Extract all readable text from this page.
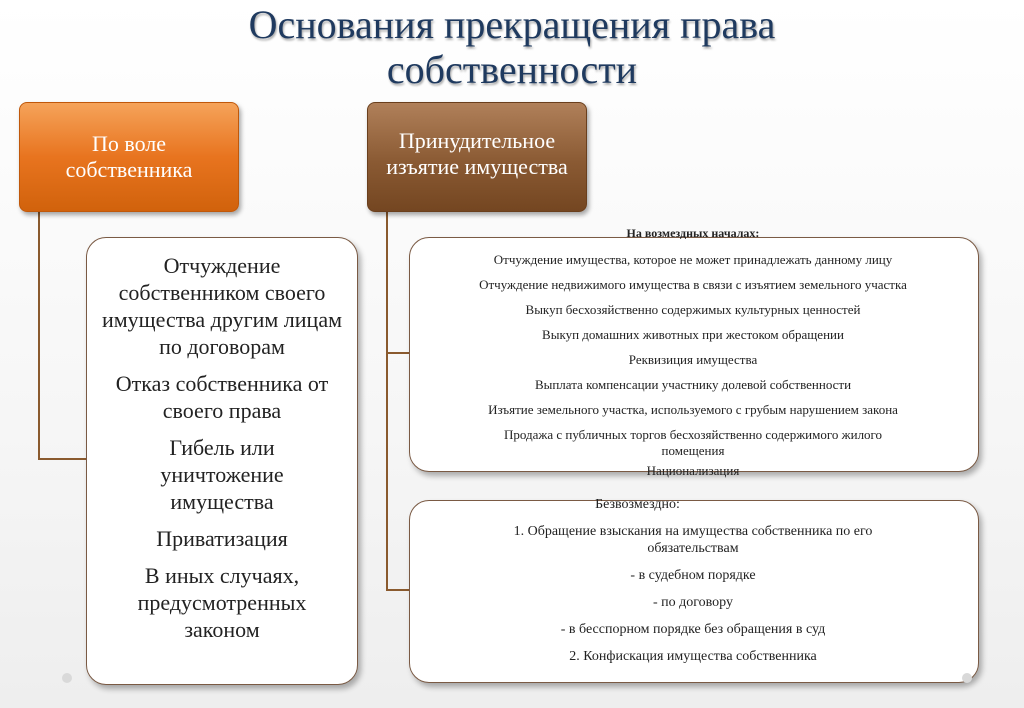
Основания прекращения права
собственности
По воле собственника
Принудительное изъятие имущества
Отчуждение собственником своего имущества другим лицам по договорам
Отказ собственника от своего права
Гибель или уничтожение имущества
Приватизация
В иных случаях, предусмотренных законом
На возмездных началах:
Отчуждение имущества, которое не может принадлежать данному лицу
Отчуждение недвижимого имущества в связи с изъятием земельного участка
Выкуп бесхозяйственно содержимых культурных ценностей
Выкуп домашних животных при жестоком обращении
Реквизиция имущества
Выплата компенсации участнику долевой собственности
Изъятие земельного участка, используемого с грубым нарушением закона
Продажа с публичных торгов бесхозяйственно содержимого жилого помещения
Национализация
Безвозмездно:
1. Обращение взыскания на имущества собственника по его обязательствам
- в судебном порядке
- по договору
- в бесспорном порядке без обращения в суд
2. Конфискация имущества собственника
